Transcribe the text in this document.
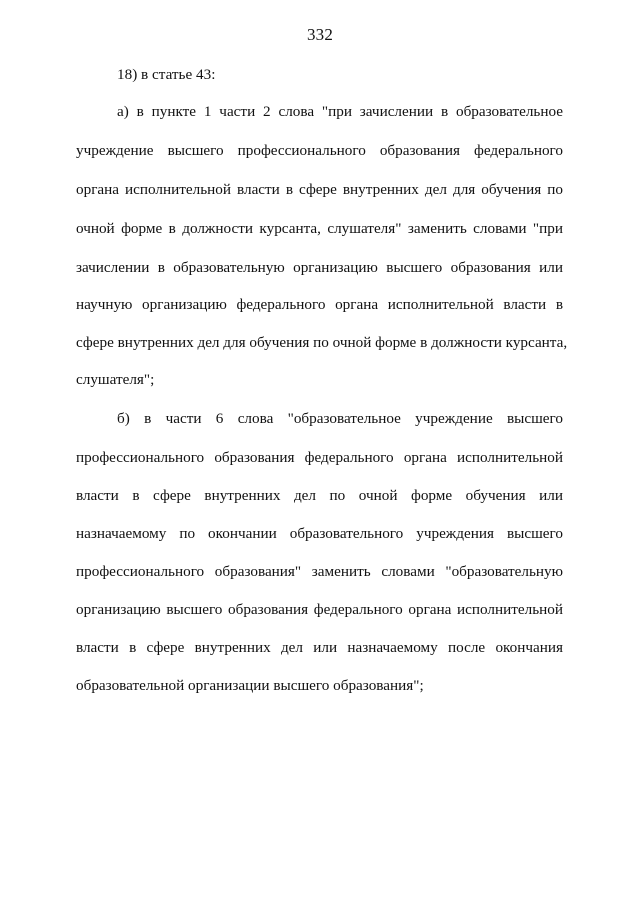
332
18) в статье 43:
а) в пункте 1 части 2 слова "при зачислении в образовательное
учреждение высшего профессионального образования федерального
органа исполнительной власти в сфере внутренних дел для обучения по
очной форме в должности курсанта, слушателя" заменить словами "при
зачислении в образовательную организацию высшего образования или
научную организацию федерального органа исполнительной власти в
сфере внутренних дел для обучения по очной форме в должности курсанта,
слушателя";
б) в части 6 слова "образовательное учреждение высшего
профессионального образования федерального органа исполнительной
власти в сфере внутренних дел по очной форме обучения или
назначаемому по окончании образовательного учреждения высшего
профессионального образования" заменить словами "образовательную
организацию высшего образования федерального органа исполнительной
власти в сфере внутренних дел или назначаемому после окончания
образовательной организации высшего образования";
